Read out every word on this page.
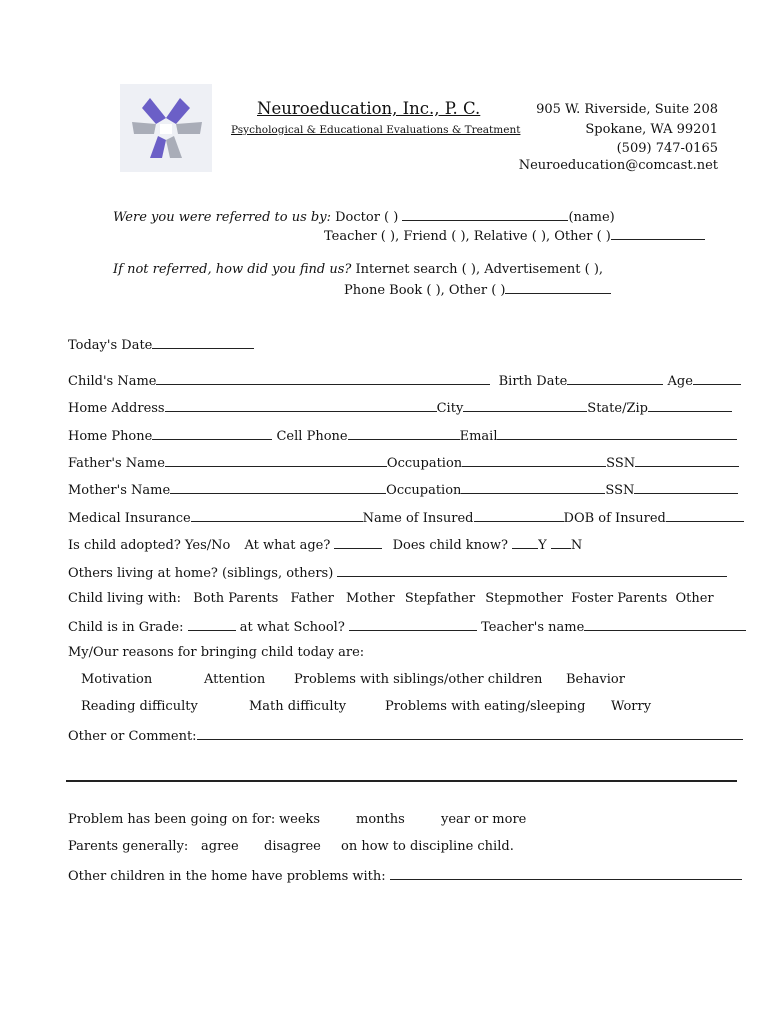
Neuroeducation, Inc., P. C.
Psychological & Educational Evaluations & Treatment
905 W. Riverside, Suite 208
Spokane, WA 99201
(509) 747-0165
Neuroeducation@comcast.net
Were you were referred to us by: Doctor ( )	(name)
Teacher ( ), Friend ( ), Relative ( ), Other ( )
If not referred, how did you find us? Internet search ( ), Advertisement ( ),
Phone Book ( ), Other ( )
Today's Date
Child's Name	Birth Date	Age
Home Address	City	State/Zip
Home Phone	Cell Phone	Email
Father's Name	Occupation	SSN
Mother's Name	Occupation	SSN
Medical Insurance	Name of Insured	DOB of Insured
Is child adopted? Yes/No At what age?	Does child know? Y N
Others living at home? (siblings, others)
Child living with: Both Parents Father Mother Stepfather Stepmother Foster Parents Other
Child is in Grade:	at what School?	Teacher's name
My/Our reasons for bringing child today are:
Motivation	Attention Problems with siblings/other children Behavior
Reading difficulty	Math difficulty	Problems with eating/sleeping Worry
Other or Comment:
Problem has been going on for: weeks	months	year or more
Parents generally: agree disagree on how to discipline child.
Other children in the home have problems with:
